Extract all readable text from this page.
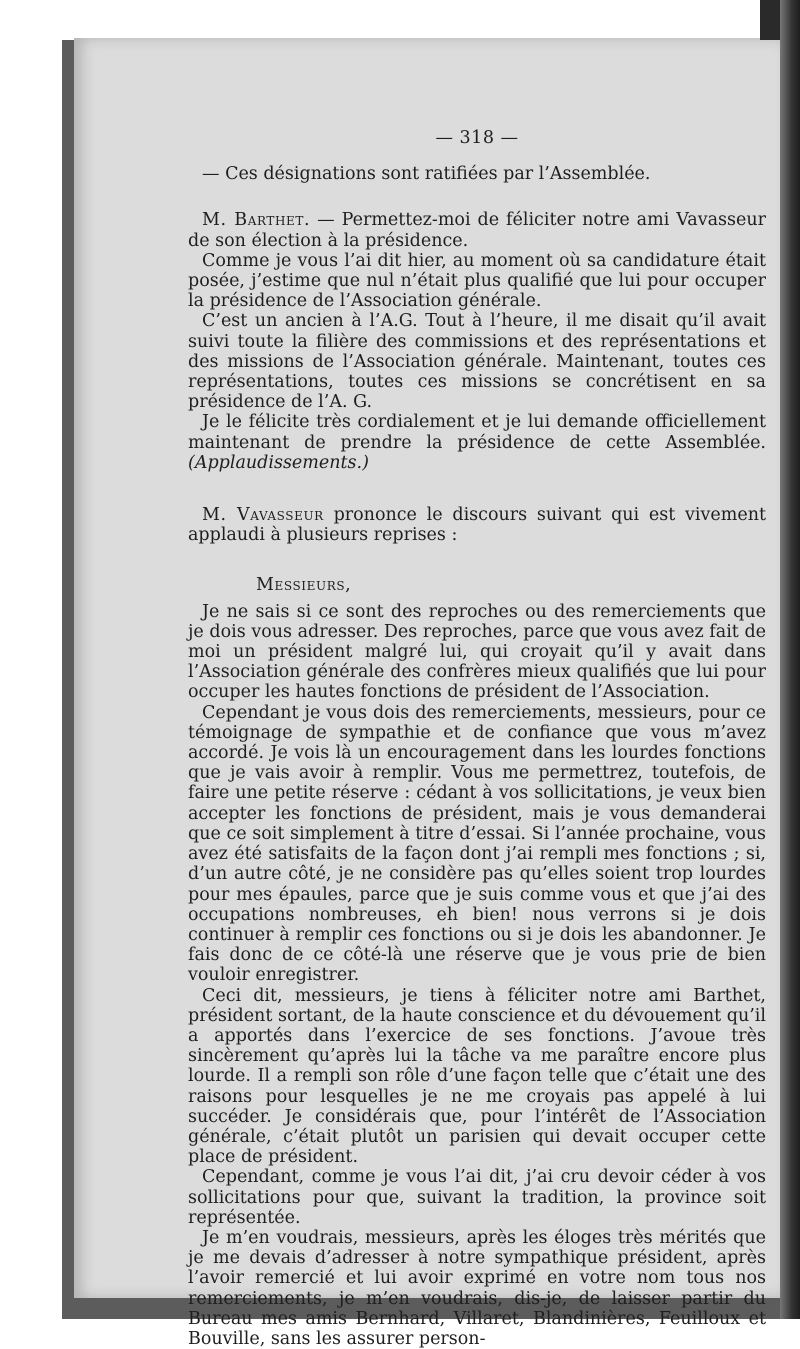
— 318 —

— Ces désignations sont ratifiées par l’Assemblée.

M. Barthet. — Permettez-moi de féliciter notre ami Vavasseur de son élection à la présidence.

Comme je vous l’ai dit hier, au moment où sa candidature était posée, j’estime que nul n’était plus qualifié que lui pour occuper la présidence de l’Association générale.

C’est un ancien à l’A.G. Tout à l’heure, il me disait qu’il avait suivi toute la filière des commissions et des représentations et des missions de l’Association générale. Maintenant, toutes ces représentations, toutes ces missions se concrétisent en sa présidence de l’A. G.

Je le félicite très cordialement et je lui demande officiellement maintenant de prendre la présidence de cette Assemblée. (Applaudissements.)

M. Vavasseur prononce le discours suivant qui est vivement applaudi à plusieurs reprises :

Messieurs,

Je ne sais si ce sont des reproches ou des remerciements que je dois vous adresser. Des reproches, parce que vous avez fait de moi un président malgré lui, qui croyait qu’il y avait dans l’Association générale des confrères mieux qualifiés que lui pour occuper les hautes fonctions de président de l’Association.

Cependant je vous dois des remerciements, messieurs, pour ce témoignage de sympathie et de confiance que vous m’avez accordé. Je vois là un encouragement dans les lourdes fonctions que je vais avoir à remplir. Vous me permettrez, toutefois, de faire une petite réserve : cédant à vos sollicitations, je veux bien accepter les fonctions de président, mais je vous demanderai que ce soit simplement à titre d’essai. Si l’année prochaine, vous avez été satisfaits de la façon dont j’ai rempli mes fonctions ; si, d’un autre côté, je ne considère pas qu’elles soient trop lourdes pour mes épaules, parce que je suis comme vous et que j’ai des occupations nombreuses, eh bien! nous verrons si je dois continuer à remplir ces fonctions ou si je dois les abandonner. Je fais donc de ce côté-là une réserve que je vous prie de bien vouloir enregistrer.

Ceci dit, messieurs, je tiens à féliciter notre ami Barthet, président sortant, de la haute conscience et du dévouement qu’il a apportés dans l’exercice de ses fonctions. J’avoue très sincèrement qu’après lui la tâche va me paraître encore plus lourde. Il a rempli son rôle d’une façon telle que c’était une des raisons pour lesquelles je ne me croyais pas appelé à lui succéder. Je considérais que, pour l’intérêt de l’Association générale, c’était plutôt un parisien qui devait occuper cette place de président.

Cependant, comme je vous l’ai dit, j’ai cru devoir céder à vos sollicitations pour que, suivant la tradition, la province soit représentée.

Je m’en voudrais, messieurs, après les éloges très mérités que je me devais d’adresser à notre sympathique président, après l’avoir remercié et lui avoir exprimé en votre nom tous nos remerciements, je m’en voudrais, dis-je, de laisser partir du Bureau mes amis Bernhard, Villaret, Blandinières, Feuilloux et Bouville, sans les assurer person-
